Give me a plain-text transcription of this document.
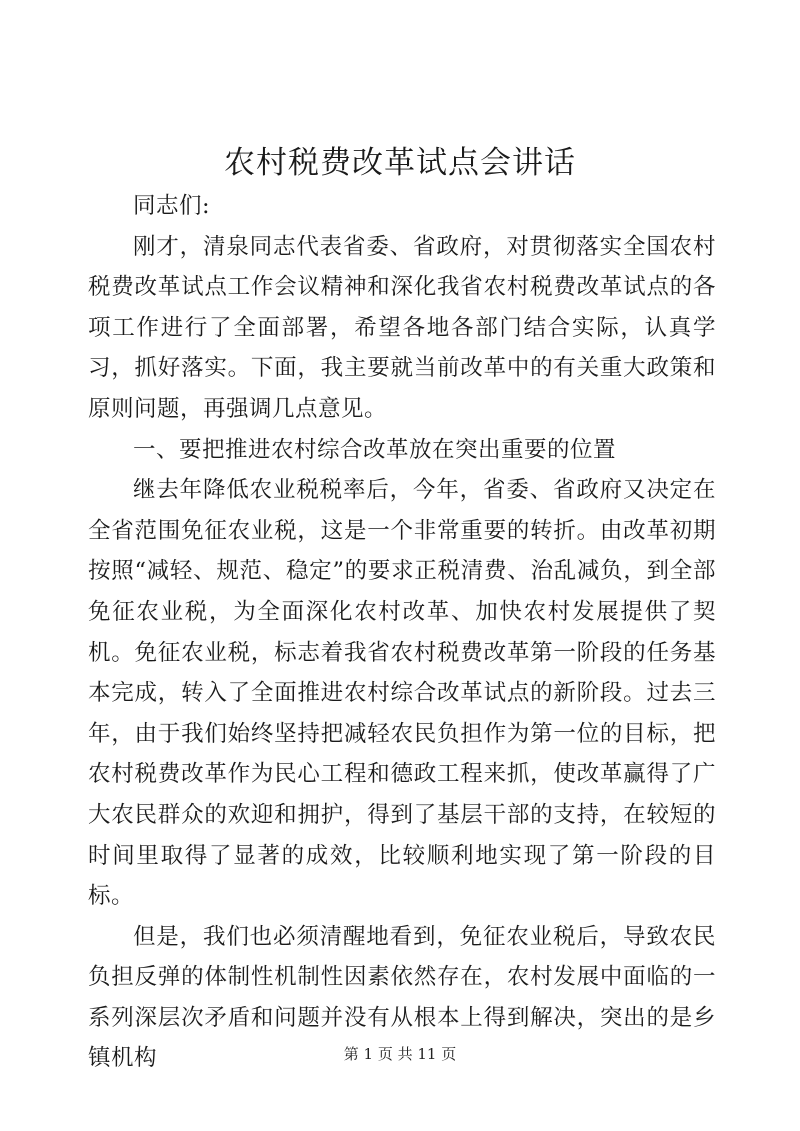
农村税费改革试点会讲话

同志们:

刚才，清泉同志代表省委、省政府，对贯彻落实全国农村税费改革试点工作会议精神和深化我省农村税费改革试点的各项工作进行了全面部署，希望各地各部门结合实际，认真学习，抓好落实。下面，我主要就当前改革中的有关重大政策和原则问题，再强调几点意见。

一、要把推进农村综合改革放在突出重要的位置

继去年降低农业税税率后，今年，省委、省政府又决定在全省范围免征农业税，这是一个非常重要的转折。由改革初期按照“减轻、规范、稳定”的要求正税清费、治乱减负，到全部免征农业税，为全面深化农村改革、加快农村发展提供了契机。免征农业税，标志着我省农村税费改革第一阶段的任务基本完成，转入了全面推进农村综合改革试点的新阶段。过去三年，由于我们始终坚持把减轻农民负担作为第一位的目标，把农村税费改革作为民心工程和德政工程来抓，使改革赢得了广大农民群众的欢迎和拥护，得到了基层干部的支持，在较短的时间里取得了显著的成效，比较顺利地实现了第一阶段的目标。

但是，我们也必须清醒地看到，免征农业税后，导致农民负担反弹的体制性机制性因素依然存在，农村发展中面临的一系列深层次矛盾和问题并没有从根本上得到解决，突出的是乡镇机构	第 1 页 共 11 页
